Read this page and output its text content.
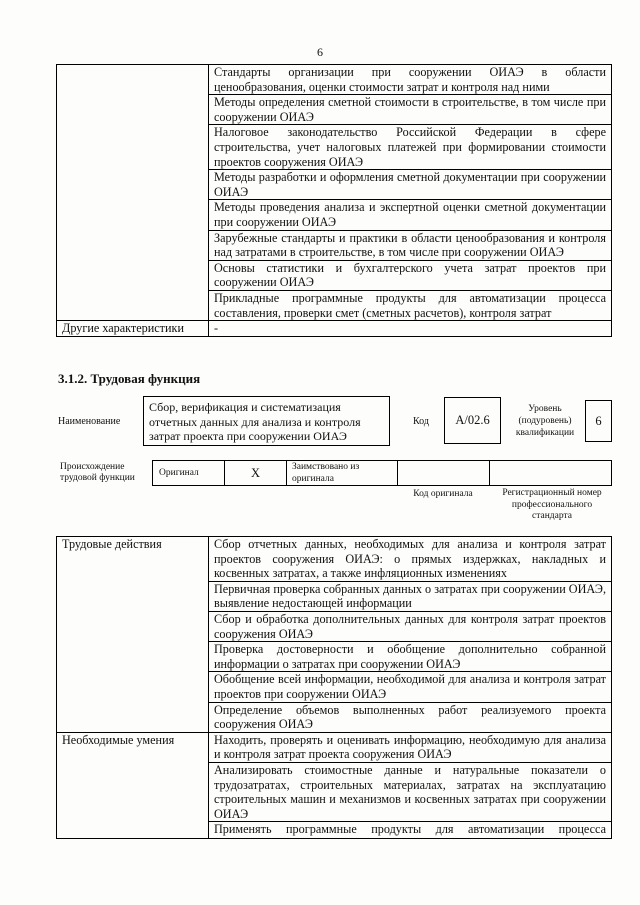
6
	Стандарты организации при сооружении ОИАЭ в области ценообразования, оценки стоимости затрат и контроля над ними
	Методы определения сметной стоимости в строительстве, в том числе при сооружении ОИАЭ
	Налоговое законодательство Российской Федерации в сфере строительства, учет налоговых платежей при формировании стоимости проектов сооружения ОИАЭ
	Методы разработки и оформления сметной документации при сооружении ОИАЭ
	Методы проведения анализа и экспертной оценки сметной документации при сооружении ОИАЭ
	Зарубежные стандарты и практики в области ценообразования и контроля над затратами в строительстве, в том числе при сооружении ОИАЭ
	Основы статистики и бухгалтерского учета затрат проектов при сооружении ОИАЭ
	Прикладные программные продукты для автоматизации процесса составления, проверки смет (сметных расчетов), контроля затрат
Другие характеристики	-
3.1.2. Трудовая функция
Наименование
Сбор, верификация и систематизация отчетных данных для анализа и контроля затрат проекта при сооружении ОИАЭ
Код	А/02.6
Уровень (подуровень) квалификации
6
Происхождение трудовой функции	Оригинал	X	Заимствовано из оригинала
Код оригинала	Регистрационный номер профессионального стандарта
Трудовые действия	Сбор отчетных данных, необходимых для анализа и контроля затрат проектов сооружения ОИАЭ: о прямых издержках, накладных и косвенных затратах, а также инфляционных изменениях
	Первичная проверка собранных данных о затратах при сооружении ОИАЭ, выявление недостающей информации
	Сбор и обработка дополнительных данных для контроля затрат проектов сооружения ОИАЭ
	Проверка достоверности и обобщение дополнительно собранной информации о затратах при сооружении ОИАЭ
	Обобщение всей информации, необходимой для анализа и контроля затрат проектов при сооружении ОИАЭ
	Определение объемов выполненных работ реализуемого проекта сооружения ОИАЭ
Необходимые умения	Находить, проверять и оценивать информацию, необходимую для анализа и контроля затрат проекта сооружения ОИАЭ
	Анализировать стоимостные данные и натуральные показатели о трудозатратах, строительных материалах, затратах на эксплуатацию строительных машин и механизмов и косвенных затратах при сооружении ОИАЭ
	Применять программные продукты для автоматизации процесса
